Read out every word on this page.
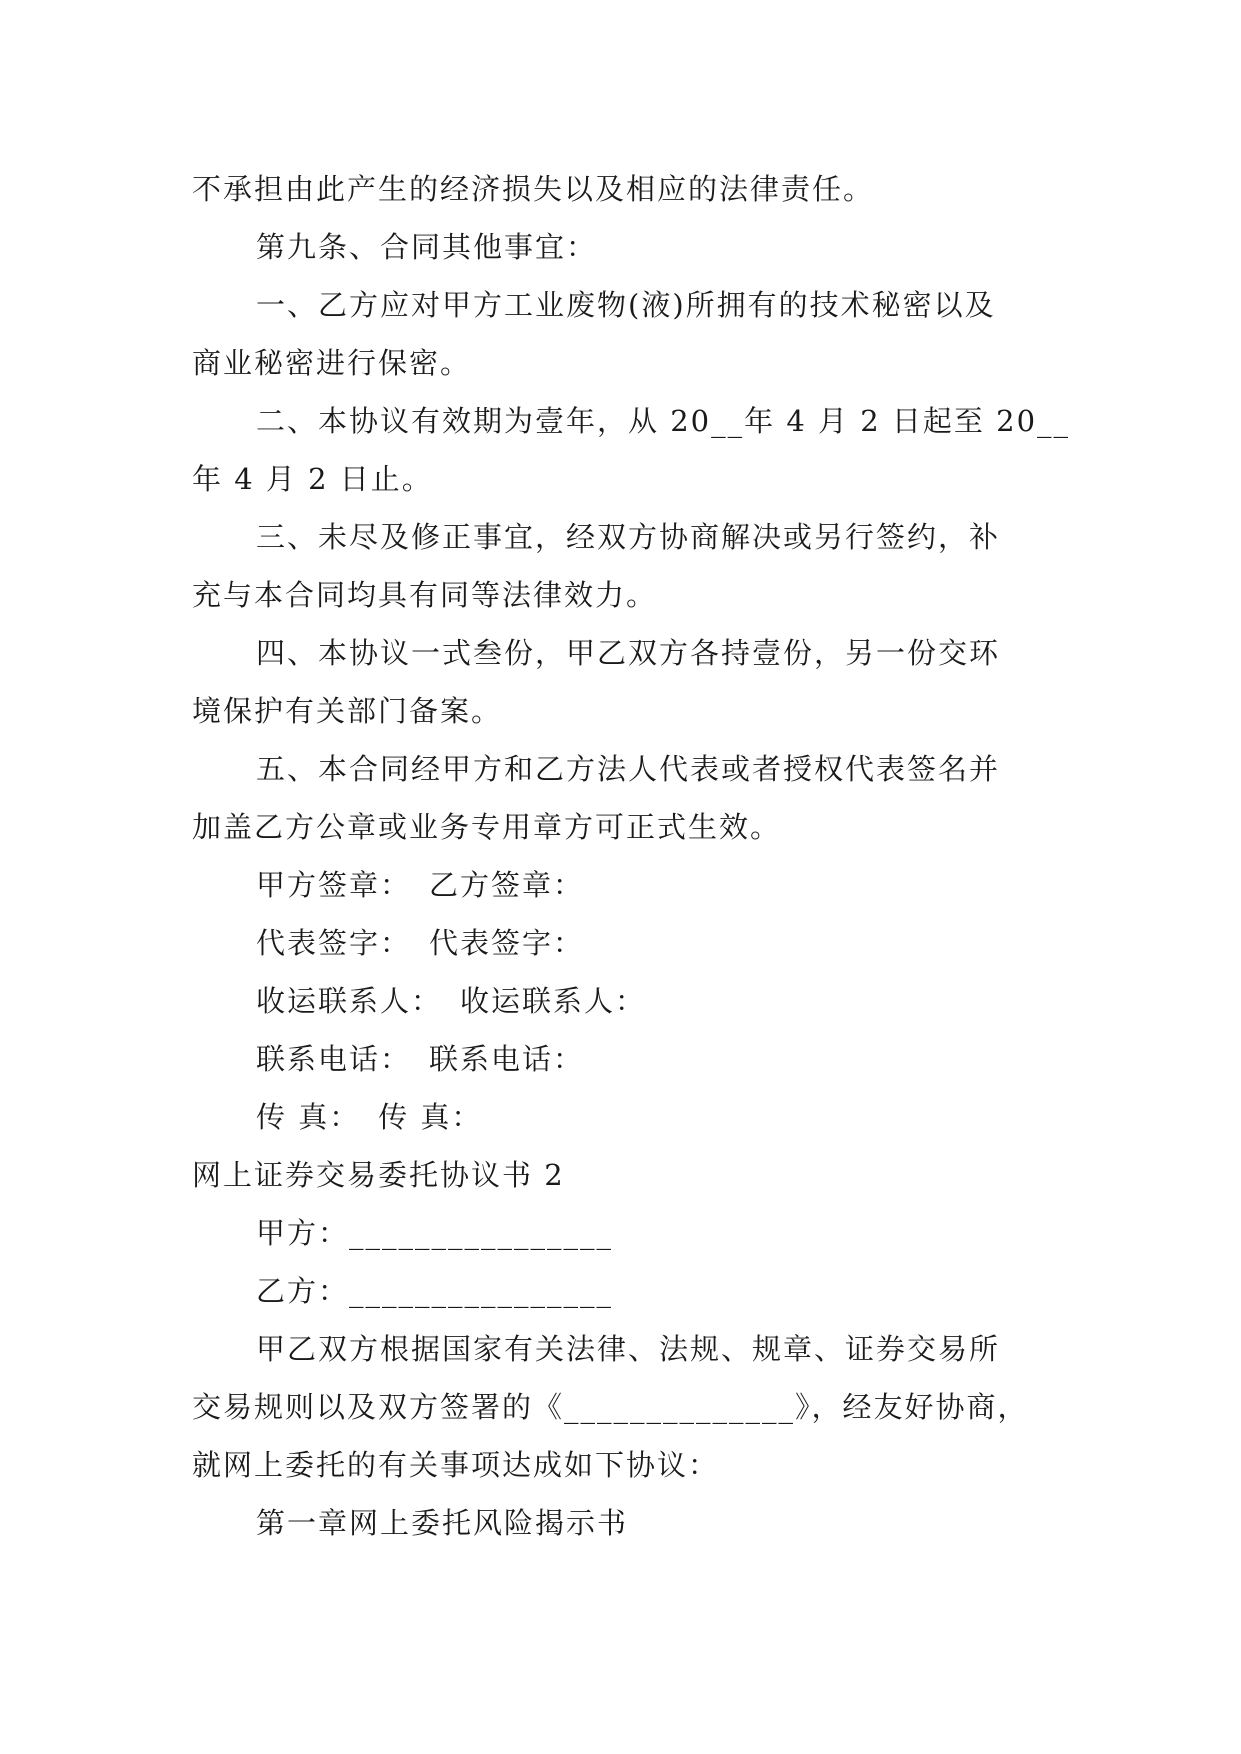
不承担由此产生的经济损失以及相应的法律责任。
第九条、合同其他事宜：
一、乙方应对甲方工业废物(液)所拥有的技术秘密以及
商业秘密进行保密。
二、本协议有效期为壹年，从 20__年 4 月 2 日起至 20__
年 4 月 2 日止。
三、未尽及修正事宜，经双方协商解决或另行签约，补
充与本合同均具有同等法律效力。
四、本协议一式叁份，甲乙双方各持壹份，另一份交环
境保护有关部门备案。
五、本合同经甲方和乙方法人代表或者授权代表签名并
加盖乙方公章或业务专用章方可正式生效。
甲方签章： 乙方签章：
代表签字： 代表签字：
收运联系人： 收运联系人：
联系电话： 联系电话：
传 真： 传 真：
网上证券交易委托协议书 2
甲方：________________
乙方：________________
甲乙双方根据国家有关法律、法规、规章、证券交易所
交易规则以及双方签署的《______________》，经友好协商，
就网上委托的有关事项达成如下协议：
第一章网上委托风险揭示书
